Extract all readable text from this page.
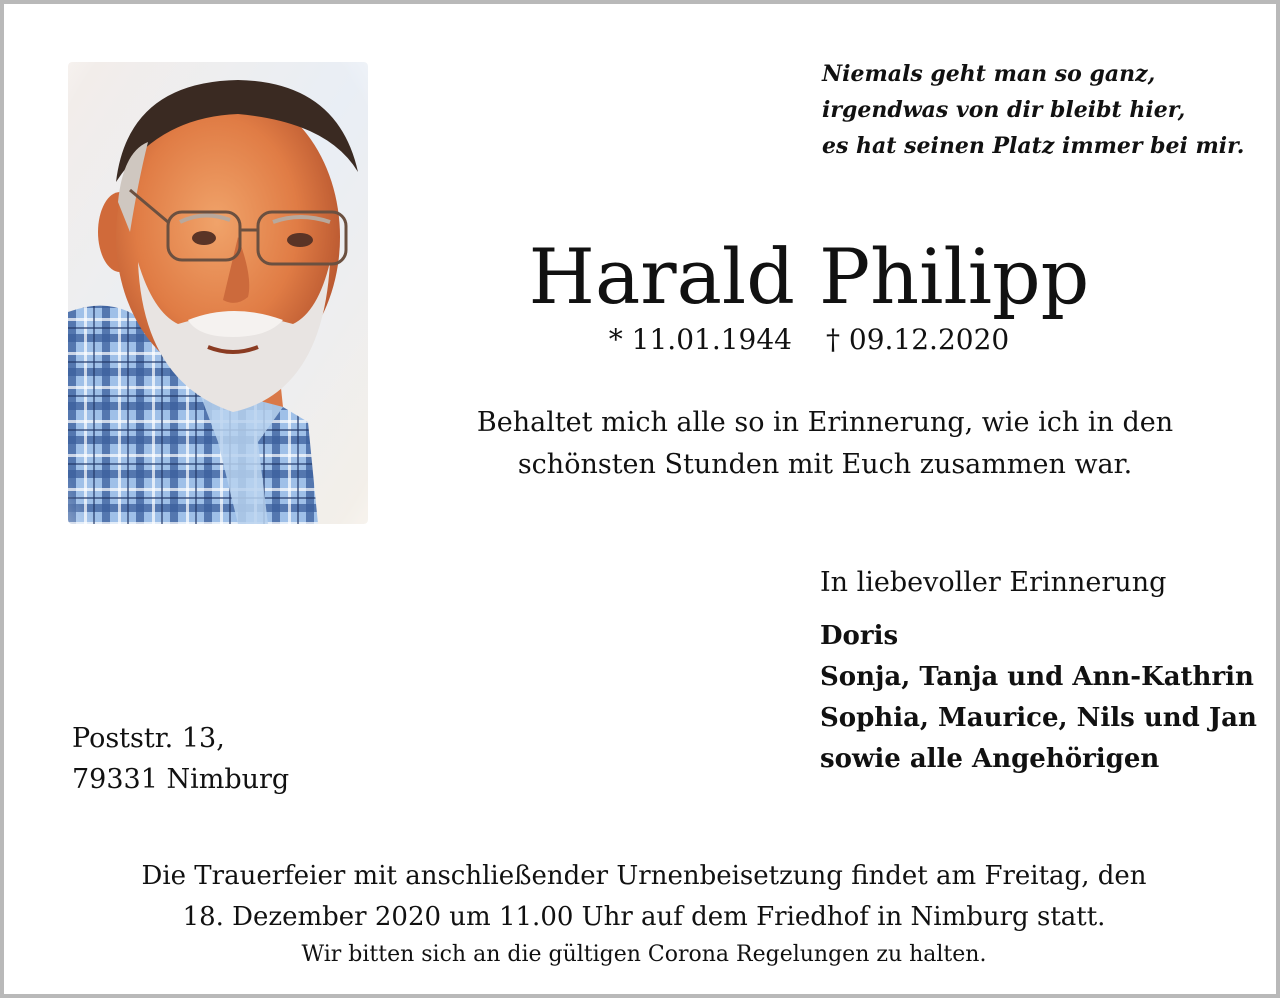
Niemals geht man so ganz,
irgendwas von dir bleibt hier,
es hat seinen Platz immer bei mir.
Harald Philipp
* 11.01.1944 † 09.12.2020
Behaltet mich alle so in Erinnerung, wie ich in den
schönsten Stunden mit Euch zusammen war.
In liebevoller Erinnerung
Doris
Sonja, Tanja und Ann-Kathrin
Sophia, Maurice, Nils und Jan
sowie alle Angehörigen
Poststr. 13,
79331 Nimburg
Die Trauerfeier mit anschließender Urnenbeisetzung findet am Freitag, den
18. Dezember 2020 um 11.00 Uhr auf dem Friedhof in Nimburg statt.
Wir bitten sich an die gültigen Corona Regelungen zu halten.
